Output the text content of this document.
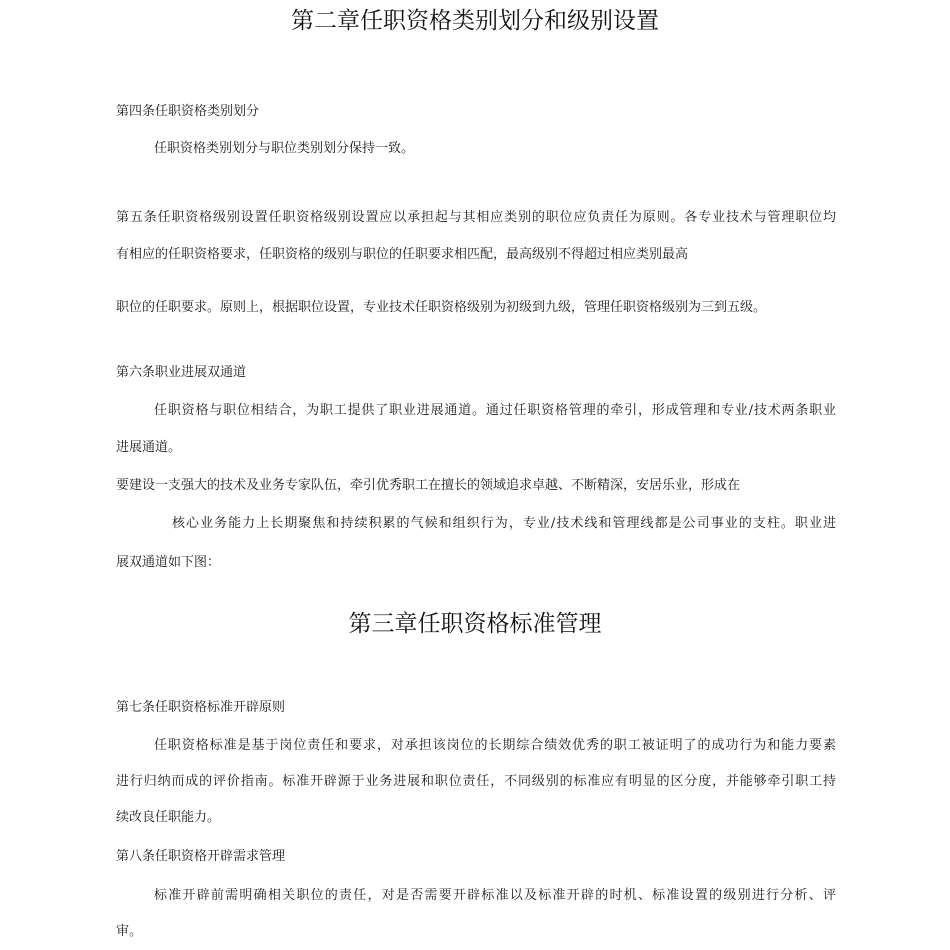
第二章任职资格类别划分和级别设置
第四条任职资格类别划分
任职资格类别划分与职位类别划分保持一致。
第五条任职资格级别设置任职资格级别设置应以承担起与其相应类别的职位应负责任为原则。各专业技术与管理职位均
有相应的任职资格要求，任职资格的级别与职位的任职要求相匹配，最高级别不得超过相应类别最高
职位的任职要求。原则上，根据职位设置，专业技术任职资格级别为初级到九级，管理任职资格级别为三到五级。
第六条职业进展双通道
任职资格与职位相结合，为职工提供了职业进展通道。通过任职资格管理的牵引，形成管理和专业/技术两条职业
进展通道。
要建设一支强大的技术及业务专家队伍，牵引优秀职工在擅长的领域追求卓越、不断精深，安居乐业，形成在
核心业务能力上长期聚焦和持续积累的气候和组织行为，专业/技术线和管理线都是公司事业的支柱。职业进
展双通道如下图：
第三章任职资格标准管理
第七条任职资格标准开辟原则
任职资格标准是基于岗位责任和要求，对承担该岗位的长期综合绩效优秀的职工被证明了的成功行为和能力要素
进行归纳而成的评价指南。标准开辟源于业务进展和职位责任，不同级别的标准应有明显的区分度，并能够牵引职工持
续改良任职能力。
第八条任职资格开辟需求管理
标准开辟前需明确相关职位的责任，对是否需要开辟标准以及标准开辟的时机、标准设置的级别进行分析、评
审。
